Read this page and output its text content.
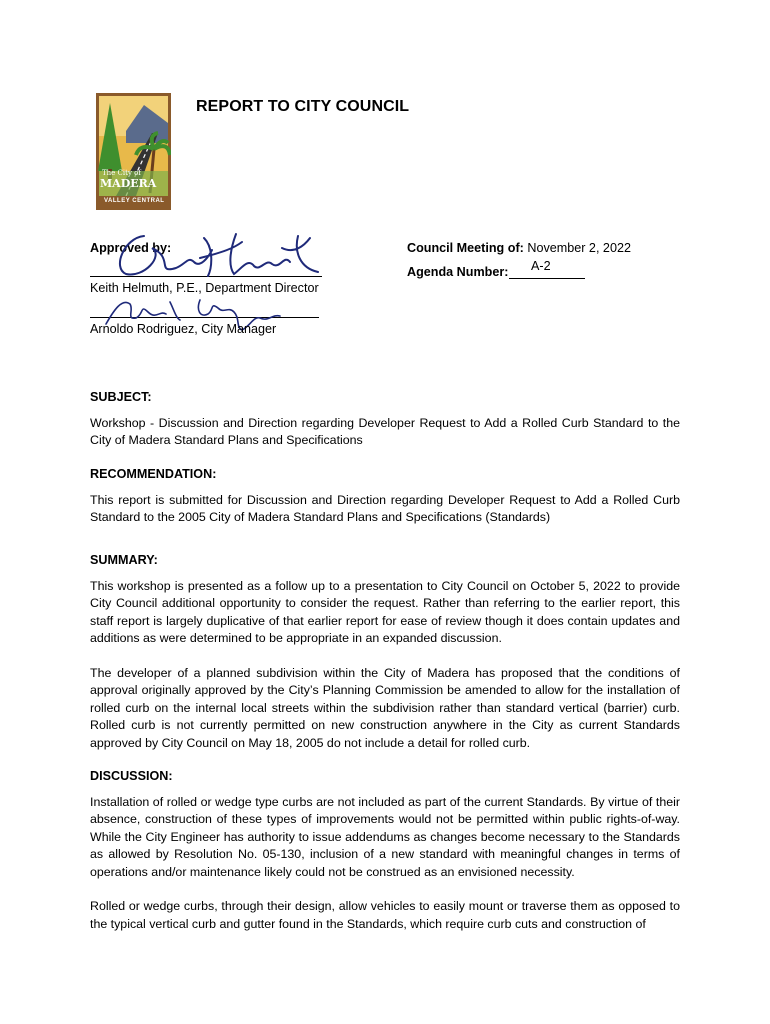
The City of
MADERA
VALLEY CENTRAL
REPORT TO CITY COUNCIL
Approved by:
Keith Helmuth, P.E., Department Director
Arnoldo Rodriguez, City Manager
Council Meeting of: November 2, 2022
Agenda Number: A-2
SUBJECT:

Workshop - Discussion and Direction regarding Developer Request to Add a Rolled Curb Standard to the City of Madera Standard Plans and Specifications

RECOMMENDATION:

This report is submitted for Discussion and Direction regarding Developer Request to Add a Rolled Curb Standard to the 2005 City of Madera Standard Plans and Specifications (Standards)

SUMMARY:

This workshop is presented as a follow up to a presentation to City Council on October 5, 2022 to provide City Council additional opportunity to consider the request. Rather than referring to the earlier report, this staff report is largely duplicative of that earlier report for ease of review though it does contain updates and additions as were determined to be appropriate in an expanded discussion.

The developer of a planned subdivision within the City of Madera has proposed that the conditions of approval originally approved by the City’s Planning Commission be amended to allow for the installation of rolled curb on the internal local streets within the subdivision rather than standard vertical (barrier) curb. Rolled curb is not currently permitted on new construction anywhere in the City as current Standards approved by City Council on May 18, 2005 do not include a detail for rolled curb.

DISCUSSION:

Installation of rolled or wedge type curbs are not included as part of the current Standards. By virtue of their absence, construction of these types of improvements would not be permitted within public rights-of-way. While the City Engineer has authority to issue addendums as changes become necessary to the Standards as allowed by Resolution No. 05-130, inclusion of a new standard with meaningful changes in terms of operations and/or maintenance likely could not be construed as an envisioned necessity.

Rolled or wedge curbs, through their design, allow vehicles to easily mount or traverse them as opposed to the typical vertical curb and gutter found in the Standards, which require curb cuts and construction of
